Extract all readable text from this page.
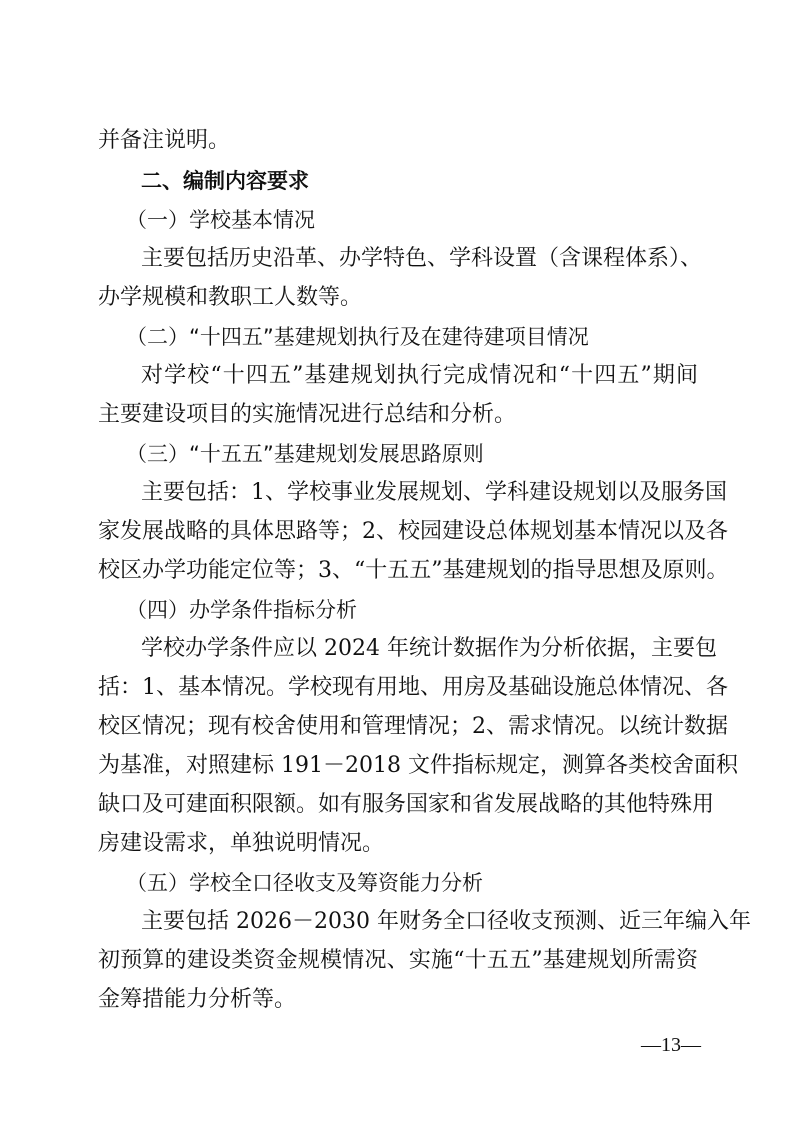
并备注说明。
二、编制内容要求
（一）学校基本情况
主要包括历史沿革、办学特色、学科设置（含课程体系）、
办学规模和教职工人数等。
（二）“十四五”基建规划执行及在建待建项目情况
对学校“十四五”基建规划执行完成情况和“十四五”期间
主要建设项目的实施情况进行总结和分析。
（三）“十五五”基建规划发展思路原则
主要包括：1、学校事业发展规划、学科建设规划以及服务国
家发展战略的具体思路等；2、校园建设总体规划基本情况以及各
校区办学功能定位等；3、“十五五”基建规划的指导思想及原则。
（四）办学条件指标分析
学校办学条件应以 2024 年统计数据作为分析依据，主要包
括：1、基本情况。学校现有用地、用房及基础设施总体情况、各
校区情况；现有校舍使用和管理情况；2、需求情况。以统计数据
为基准，对照建标 191－2018 文件指标规定，测算各类校舍面积
缺口及可建面积限额。如有服务国家和省发展战略的其他特殊用
房建设需求，单独说明情况。
（五）学校全口径收支及筹资能力分析
主要包括 2026－2030 年财务全口径收支预测、近三年编入年
初预算的建设类资金规模情况、实施“十五五”基建规划所需资
金筹措能力分析等。
—13—
